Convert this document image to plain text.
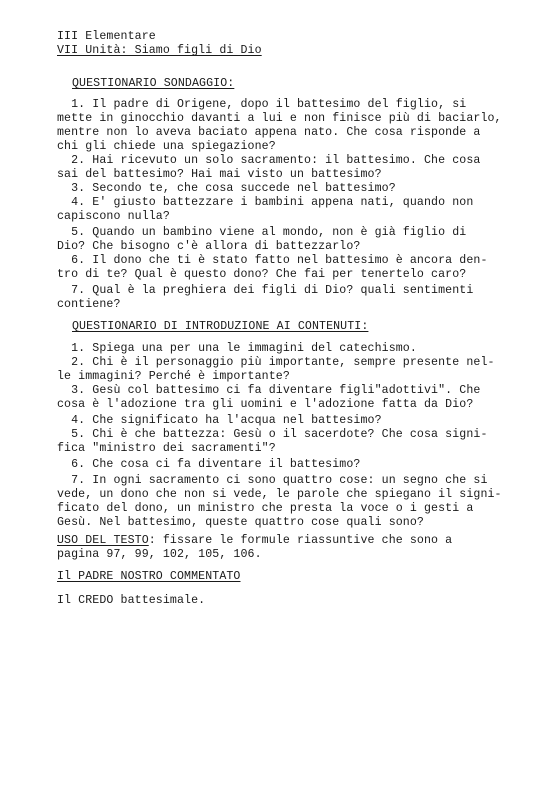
III Elementare
VII Unità: Siamo figli di Dio
QUESTIONARIO SONDAGGIO:
1. Il padre di Origene, dopo il battesimo del figlio, si
mette in ginocchio davanti a lui e non finisce più di baciarlo,
mentre non lo aveva baciato appena nato. Che cosa risponde a
chi gli chiede una spiegazione?
2. Hai ricevuto un solo sacramento: il battesimo. Che cosa
sai del battesimo? Hai mai visto un battesimo?
3. Secondo te, che cosa succede nel battesimo?
4. E' giusto battezzare i bambini appena nati, quando non
capiscono nulla?
5. Quando un bambino viene al mondo, non è già figlio di
Dio? Che bisogno c'è allora di battezzarlo?
6. Il dono che ti è stato fatto nel battesimo è ancora den-
tro di te? Qual è questo dono? Che fai per tenertelo caro?
7. Qual è la preghiera dei figli di Dio? quali sentimenti
contiene?
QUESTIONARIO DI INTRODUZIONE AI CONTENUTI:
1. Spiega una per una le immagini del catechismo.
2. Chi è il personaggio più importante, sempre presente nel-
le immagini? Perché è importante?
3. Gesù col battesimo ci fa diventare figli"adottivi". Che
cosa è l'adozione tra gli uomini e l'adozione fatta da Dio?
4. Che significato ha l'acqua nel battesimo?
5. Chi è che battezza: Gesù o il sacerdote? Che cosa signi-
fica "ministro dei sacramenti"?
6. Che cosa ci fa diventare il battesimo?
7. In ogni sacramento ci sono quattro cose: un segno che si
vede, un dono che non si vede, le parole che spiegano il signi-
ficato del dono, un ministro che presta la voce o i gesti a
Gesù. Nel battesimo, queste quattro cose quali sono?
USO DEL TESTO: fissare le formule riassuntive che sono a
pagina 97, 99, 102, 105, 106.
Il PADRE NOSTRO COMMENTATO
Il CREDO battesimale.
